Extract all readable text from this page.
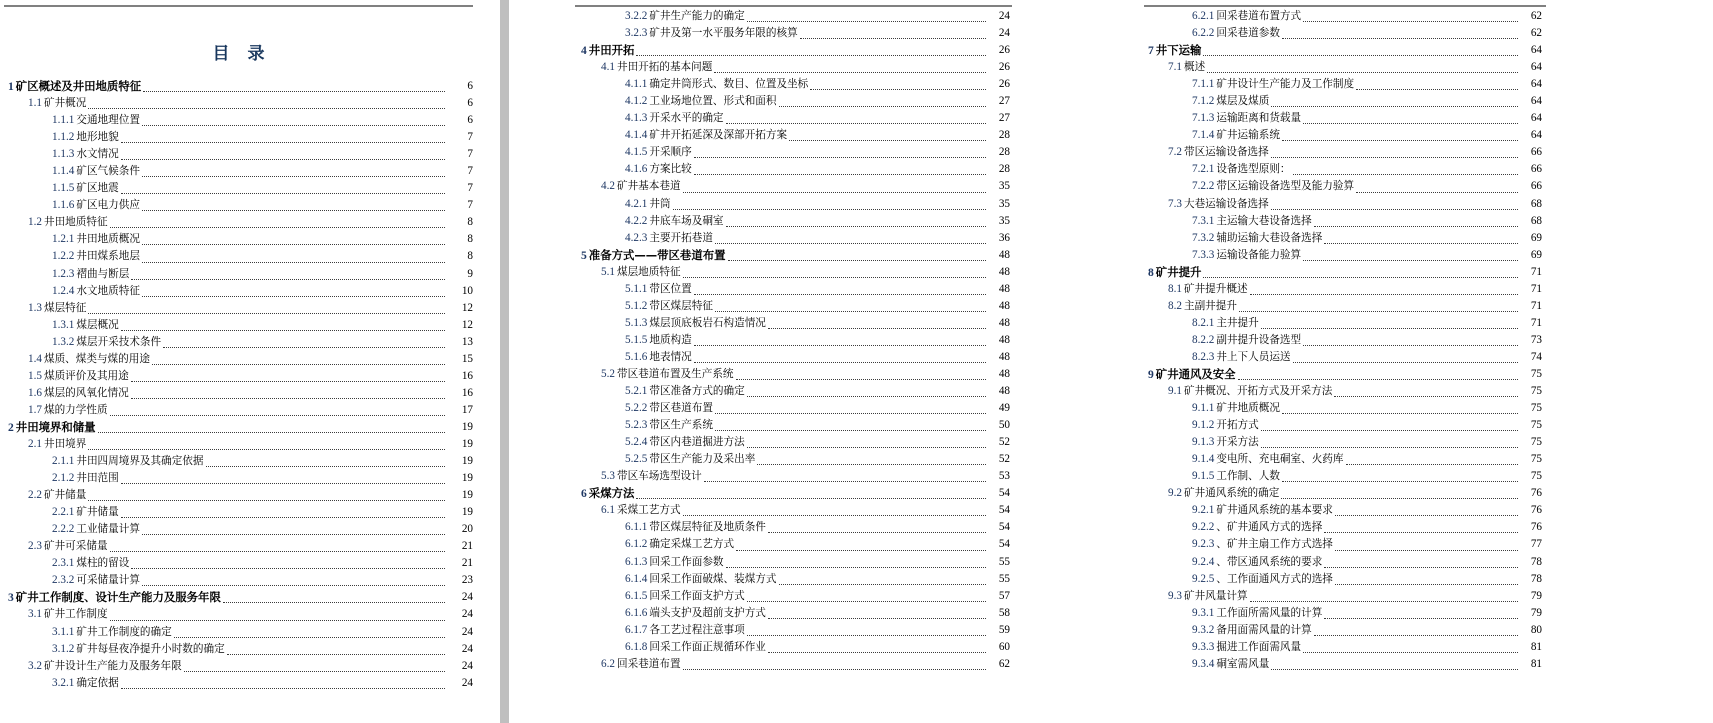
目 录
1 矿区概述及井田地质特征	6
1.1 矿井概况	6
1.1.1 交通地理位置	6
1.1.2 地形地貌	7
1.1.3 水文情况	7
1.1.4 矿区气候条件	7
1.1.5 矿区地震	7
1.1.6 矿区电力供应	7
1.2 井田地质特征	8
1.2.1 井田地质概况	8
1.2.2 井田煤系地层	8
1.2.3 褶曲与断层	9
1.2.4 水文地质特征	10
1.3 煤层特征	12
1.3.1 煤层概况	12
1.3.2 煤层开采技术条件	13
1.4 煤质、煤类与煤的用途	15
1.5 煤质评价及其用途	16
1.6 煤层的风氧化情况	16
1.7 煤的力学性质	17
2 井田境界和储量	19
2.1 井田境界	19
2.1.1 井田四周境界及其确定依据	19
2.1.2 井田范围	19
2.2 矿井储量	19
2.2.1 矿井储量	19
2.2.2 工业储量计算	20
2.3 矿井可采储量	21
2.3.1 煤柱的留设	21
2.3.2 可采储量计算	23
3 矿井工作制度、设计生产能力及服务年限	24
3.1 矿井工作制度	24
3.1.1 矿井工作制度的确定	24
3.1.2 矿井每昼夜净提升小时数的确定	24
3.2 矿井设计生产能力及服务年限	24
3.2.1 确定依据	24
3.2.2 矿井生产能力的确定	24
3.2.3 矿井及第一水平服务年限的核算	24
4 井田开拓	26
4.1 井田开拓的基本问题	26
4.1.1 确定井筒形式、数目、位置及坐标	26
4.1.2 工业场地位置、形式和面积	27
4.1.3 开采水平的确定	27
4.1.4 矿井开拓延深及深部开拓方案	28
4.1.5 开采顺序	28
4.1.6 方案比较	28
4.2 矿井基本巷道	35
4.2.1 井筒	35
4.2.2 井底车场及硐室	35
4.2.3 主要开拓巷道	36
5 准备方式——带区巷道布置	48
5.1 煤层地质特征	48
5.1.1 带区位置	48
5.1.2 带区煤层特征	48
5.1.3 煤层顶底板岩石构造情况	48
5.1.5 地质构造	48
5.1.6 地表情况	48
5.2 带区巷道布置及生产系统	48
5.2.1 带区准备方式的确定	48
5.2.2 带区巷道布置	49
5.2.3 带区生产系统	50
5.2.4 带区内巷道掘进方法	52
5.2.5 带区生产能力及采出率	52
5.3 带区车场选型设计	53
6 采煤方法	54
6.1 采煤工艺方式	54
6.1.1 带区煤层特征及地质条件	54
6.1.2 确定采煤工艺方式	54
6.1.3 回采工作面参数	55
6.1.4 回采工作面破煤、装煤方式	55
6.1.5 回采工作面支护方式	57
6.1.6 端头支护及超前支护方式	58
6.1.7 各工艺过程注意事项	59
6.1.8 回采工作面正规循环作业	60
6.2 回采巷道布置	62
6.2.1 回采巷道布置方式	62
6.2.2 回采巷道参数	62
7 井下运输	64
7.1 概述	64
7.1.1 矿井设计生产能力及工作制度	64
7.1.2 煤层及煤质	64
7.1.3 运输距离和货载量	64
7.1.4 矿井运输系统	64
7.2 带区运输设备选择	66
7.2.1 设备选型原则：	66
7.2.2 带区运输设备选型及能力验算	66
7.3 大巷运输设备选择	68
7.3.1 主运输大巷设备选择	68
7.3.2 辅助运输大巷设备选择	69
7.3.3 运输设备能力验算	69
8 矿井提升	71
8.1 矿井提升概述	71
8.2 主副井提升	71
8.2.1 主井提升	71
8.2.2 副井提升设备选型	73
8.2.3 井上下人员运送	74
9 矿井通风及安全	75
9.1 矿井概况、开拓方式及开采方法	75
9.1.1 矿井地质概况	75
9.1.2 开拓方式	75
9.1.3 开采方法	75
9.1.4 变电所、充电硐室、火药库	75
9.1.5 工作制、人数	75
9.2 矿井通风系统的确定	76
9.2.1 矿井通风系统的基本要求	76
9.2.2 、矿井通风方式的选择	76
9.2.3 、矿井主扇工作方式选择	77
9.2.4 、带区通风系统的要求	78
9.2.5 、工作面通风方式的选择	78
9.3 矿井风量计算	79
9.3.1 工作面所需风量的计算	79
9.3.2 备用面需风量的计算	80
9.3.3 掘进工作面需风量	81
9.3.4 硐室需风量	81
